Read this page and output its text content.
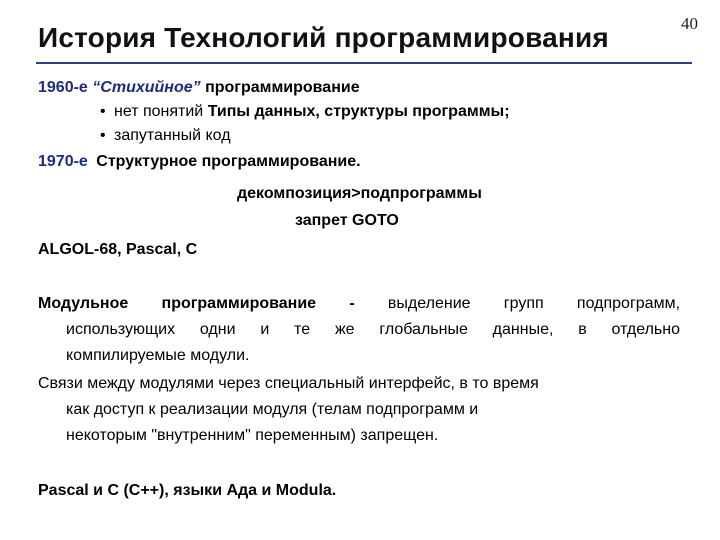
История Технологий программирования	40
1960-е “Стихийное” программирование
• нет понятий Типы данных, структуры программы;
• запутанный код
1970-е Структурное программирование.
декомпозиция>подпрограммы
запрет GOTO
ALGOL-68, Pascal, C
Модульное программирование - выделение групп подпрограмм,
использующих одни и те же глобальные данные, в отдельно
компилируемые модули.
Связи между модулями через специальный интерфейс, в то время
как доступ к реализации модуля (телам подпрограмм и
некоторым "внутренним" переменным) запрещен.
Pascal и C (C++), языки Ада и Modula.
